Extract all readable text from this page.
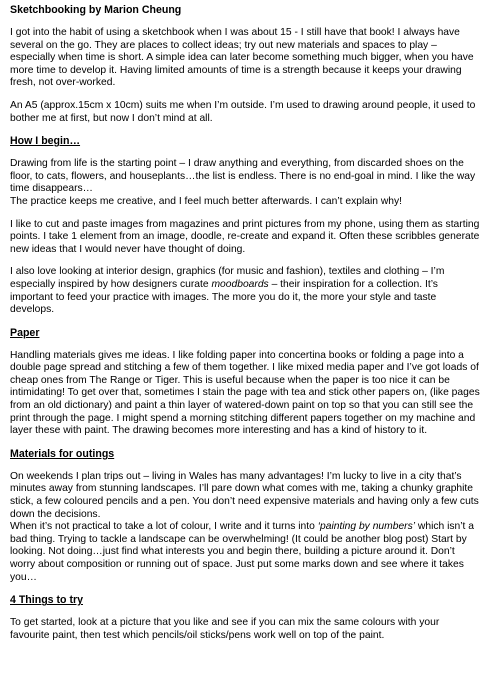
Sketchbooking by Marion Cheung

I got into the habit of using a sketchbook when I was about 15 - I still have that book! I always have several on the go. They are places to collect ideas; try out new materials and spaces to play – especially when time is short. A simple idea can later become something much bigger, when you have more time to develop it. Having limited amounts of time is a strength because it keeps your drawing fresh, not over-worked.

An A5 (approx.15cm x 10cm) suits me when I’m outside. I’m used to drawing around people, it used to bother me at first, but now I don’t mind at all.

How I begin…

Drawing from life is the starting point – I draw anything and everything, from discarded shoes on the floor, to cats, flowers, and houseplants…the list is endless. There is no end-goal in mind. I like the way time disappears…
The practice keeps me creative, and I feel much better afterwards. I can’t explain why!

I like to cut and paste images from magazines and print pictures from my phone, using them as starting points. I take 1 element from an image, doodle, re-create and expand it. Often these scribbles generate new ideas that I would never have thought of doing.

I also love looking at interior design, graphics (for music and fashion), textiles and clothing – I’m especially inspired by how designers curate moodboards – their inspiration for a collection. It’s important to feed your practice with images. The more you do it, the more your style and taste develops.

Paper

Handling materials gives me ideas. I like folding paper into concertina books or folding a page into a double page spread and stitching a few of them together. I like mixed media paper and I’ve got loads of cheap ones from The Range or Tiger. This is useful because when the paper is too nice it can be intimidating! To get over that, sometimes I stain the page with tea and stick other papers on, (like pages from an old dictionary) and paint a thin layer of watered-down paint on top so that you can still see the print through the page. I might spend a morning stitching different papers together on my machine and layer these with paint. The drawing becomes more interesting and has a kind of history to it.

Materials for outings

On weekends I plan trips out – living in Wales has many advantages! I’m lucky to live in a city that’s minutes away from stunning landscapes. I’ll pare down what comes with me, taking a chunky graphite stick, a few coloured pencils and a pen. You don’t need expensive materials and having only a few cuts down the decisions.
When it’s not practical to take a lot of colour, I write and it turns into ‘painting by numbers’ which isn’t a bad thing. Trying to tackle a landscape can be overwhelming! (It could be another blog post) Start by looking. Not doing…just find what interests you and begin there, building a picture around it. Don’t worry about composition or running out of space. Just put some marks down and see where it takes you…

4 Things to try

To get started, look at a picture that you like and see if you can mix the same colours with your favourite paint, then test which pencils/oil sticks/pens work well on top of the paint.
